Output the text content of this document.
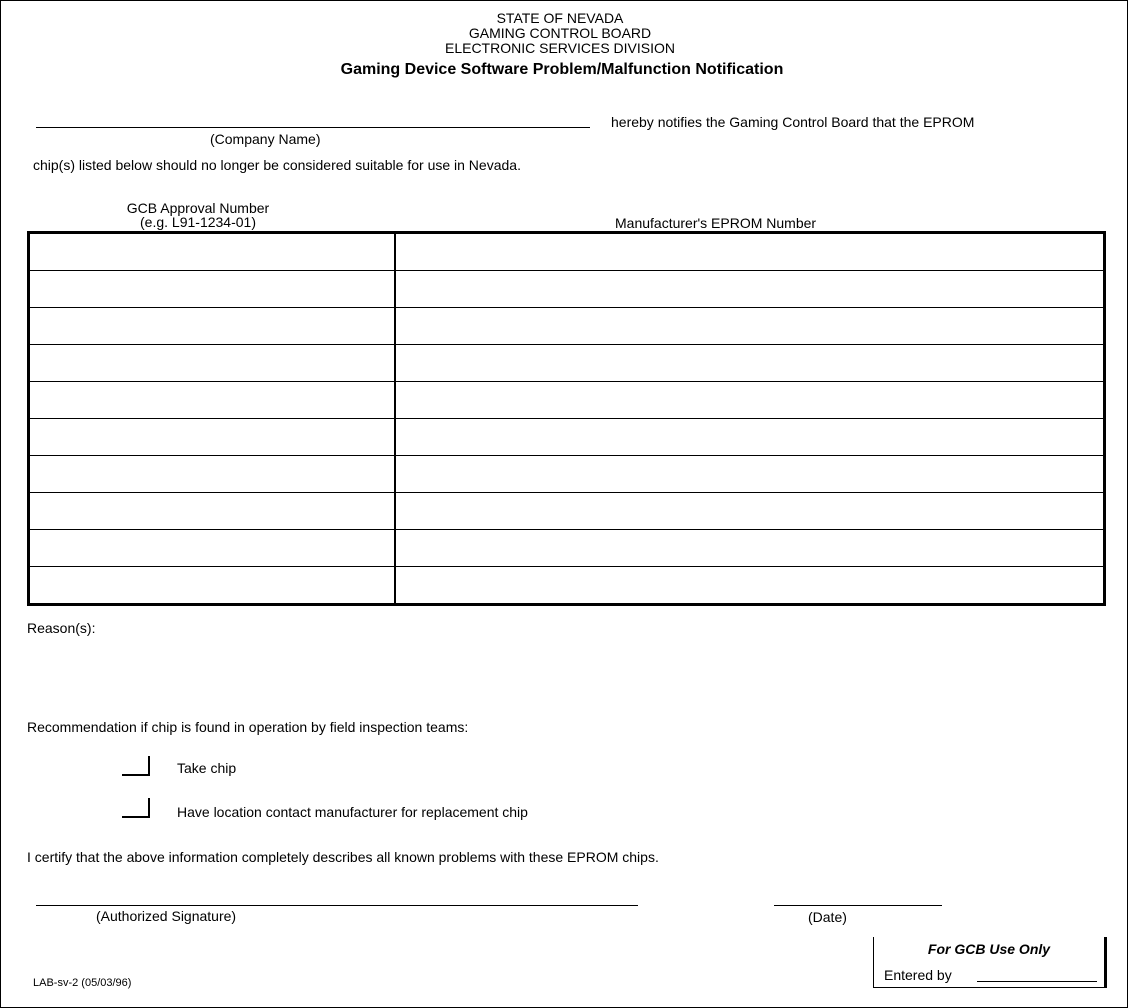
STATE OF NEVADA
GAMING CONTROL BOARD
ELECTRONIC SERVICES DIVISION
Gaming Device Software Problem/Malfunction Notification
(Company Name)
hereby notifies the Gaming Control Board that the EPROM
chip(s) listed below should no longer be considered suitable for use in Nevada.
GCB Approval Number
(e.g. L91-1234-01)	Manufacturer's EPROM Number

Reason(s):
Recommendation if chip is found in operation by field inspection teams:
Take chip
Have location contact manufacturer for replacement chip
I certify that the above information completely describes all known problems with these EPROM chips.
(Authorized Signature)	(Date)
For GCB Use Only
Entered by
LAB-sv-2 (05/03/96)
